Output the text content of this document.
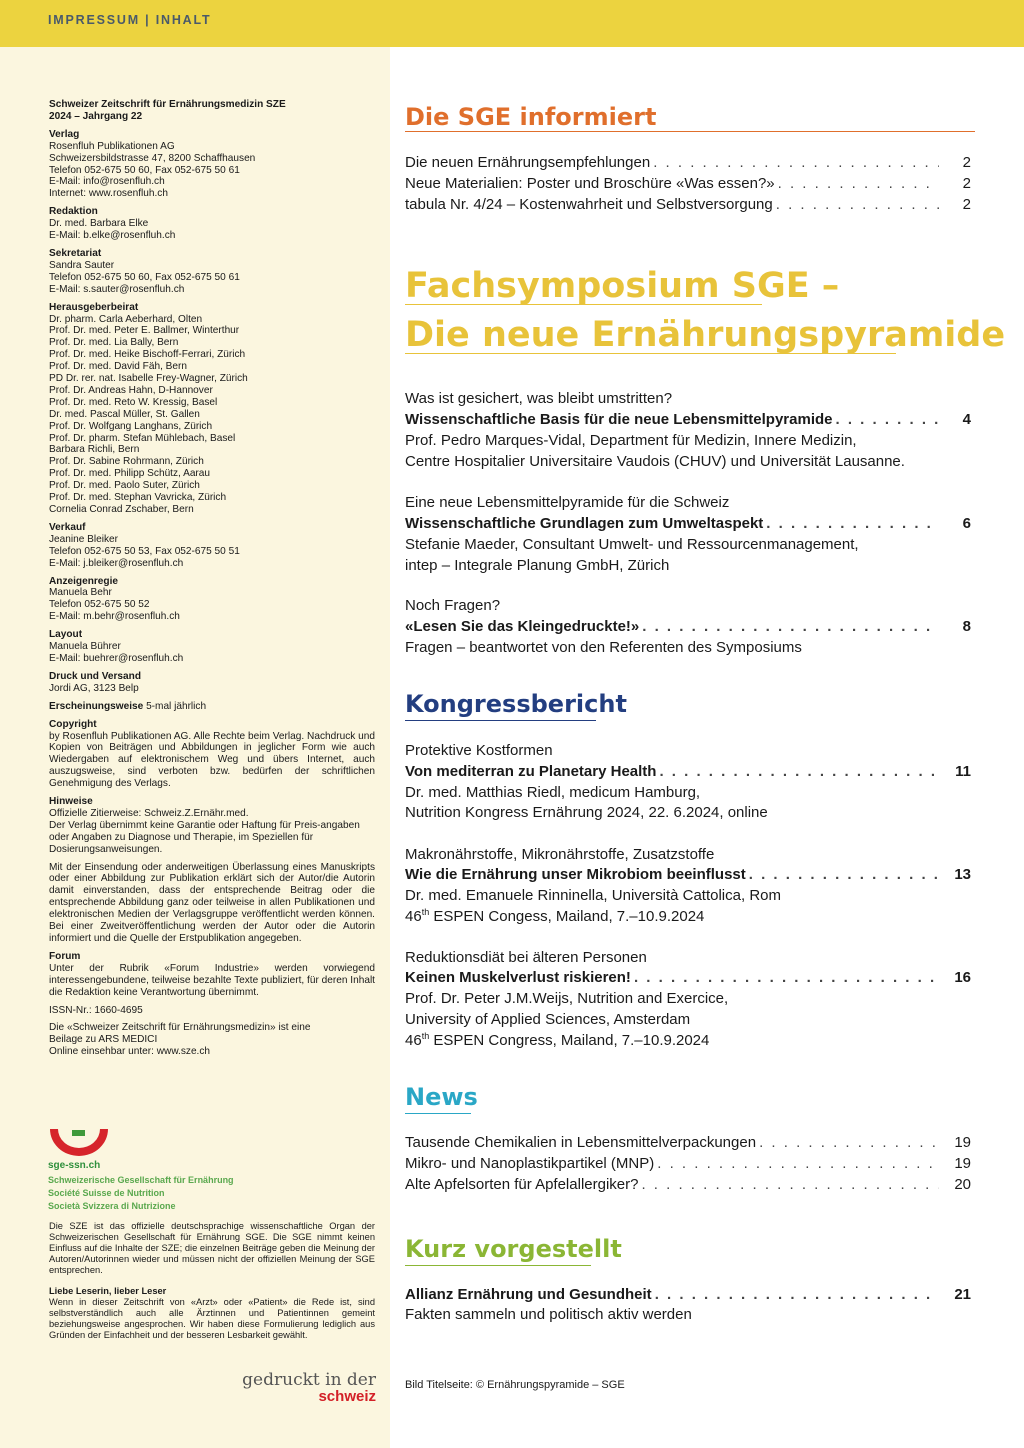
IMPRESSUM | INHALT
Schweizer Zeitschrift für Ernährungsmedizin SZE
2024 – Jahrgang 22
Verlag
Rosenfluh Publikationen AG
Schweizersbildstrasse 47, 8200 Schaffhausen
Telefon 052-675 50 60, Fax 052-675 50 61
E-Mail: info@rosenfluh.ch
Internet: www.rosenfluh.ch
Redaktion
Dr. med. Barbara Elke
E-Mail: b.elke@rosenfluh.ch
Sekretariat
Sandra Sauter
Telefon 052-675 50 60, Fax 052-675 50 61
E-Mail: s.sauter@rosenfluh.ch
Herausgeberbeirat
Dr. pharm. Carla Aeberhard, Olten
Prof. Dr. med. Peter E. Ballmer, Winterthur
Prof. Dr. med. Lia Bally, Bern
Prof. Dr. med. Heike Bischoff-Ferrari, Zürich
Prof. Dr. med. David Fäh, Bern
PD Dr. rer. nat. Isabelle Frey-Wagner, Zürich
Prof. Dr. Andreas Hahn, D-Hannover
Prof. Dr. med. Reto W. Kressig, Basel
Dr. med. Pascal Müller, St. Gallen
Prof. Dr. Wolfgang Langhans, Zürich
Prof. Dr. pharm. Stefan Mühlebach, Basel
Barbara Richli, Bern
Prof. Dr. Sabine Rohrmann, Zürich
Prof. Dr. med. Philipp Schütz, Aarau
Prof. Dr. med. Paolo Suter, Zürich
Prof. Dr. med. Stephan Vavricka, Zürich
Cornelia Conrad Zschaber, Bern
Verkauf
Jeanine Bleiker
Telefon 052-675 50 53, Fax 052-675 50 51
E-Mail: j.bleiker@rosenfluh.ch
Anzeigenregie
Manuela Behr
Telefon 052-675 50 52
E-Mail: m.behr@rosenfluh.ch
Layout
Manuela Bührer
E-Mail: buehrer@rosenfluh.ch
Druck und Versand
Jordi AG, 3123 Belp
Erscheinungsweise 5-mal jährlich
Copyright
by Rosenfluh Publikationen AG. Alle Rechte beim Verlag. Nachdruck und Kopien von Beiträgen und Abbildungen in jeglicher Form wie auch Wiedergaben auf elektronischem Weg und übers Internet, auch auszugsweise, sind verboten bzw. bedürfen der schriftlichen Genehmigung des Verlags.
Hinweise
Offizielle Zitierweise: Schweiz.Z.Ernähr.med.
Der Verlag übernimmt keine Garantie oder Haftung für Preis-angaben oder Angaben zu Diagnose und Therapie, im Speziellen für Dosierungsanweisungen.
Mit der Einsendung oder anderweitigen Überlassung eines Manuskripts oder einer Abbildung zur Publikation erklärt sich der Autor/die Autorin damit einverstanden, dass der entsprechende Beitrag oder die entsprechende Abbildung ganz oder teilweise in allen Publikationen und elektronischen Medien der Verlagsgruppe veröffentlicht werden können. Bei einer Zweitveröffentlichung werden der Autor oder die Autorin informiert und die Quelle der Erstpublikation angegeben.
Forum
Unter der Rubrik «Forum Industrie» werden vorwiegend interessengebundene, teilweise bezahlte Texte publiziert, für deren Inhalt die Redaktion keine Verantwortung übernimmt.
ISSN-Nr.: 1660-4695
Die «Schweizer Zeitschrift für Ernährungsmedizin» ist eine
Beilage zu ARS MEDICI
Online einsehbar unter: www.sze.ch
sge-ssn.ch
Schweizerische Gesellschaft für Ernährung
Société Suisse de Nutrition
Società Svizzera di Nutrizione
Die SZE ist das offizielle deutschsprachige wissenschaftliche Organ der Schweizerischen Gesellschaft für Ernährung SGE. Die SGE nimmt keinen Einfluss auf die Inhalte der SZE; die einzelnen Beiträge geben die Meinung der Autoren/Autorinnen wieder und müssen nicht der offiziellen Meinung der SGE entsprechen.
Liebe Leserin, lieber Leser
Wenn in dieser Zeitschrift von «Arzt» oder «Patient» die Rede ist, sind selbstverständlich auch alle Ärztinnen und Patientinnen gemeint beziehungsweise angesprochen. Wir haben diese Formulierung lediglich aus Gründen der Einfachheit und der besseren Lesbarkeit gewählt.
gedruckt in der
schweiz
Die SGE informiert
Die neuen Ernährungsempfehlungen . . .	2
Neue Materialien: Poster und Broschüre «Was essen?» . . .	2
tabula Nr. 4/24 – Kostenwahrheit und Selbstversorgung . . .	2
Fachsymposium SGE –
Die neue Ernährungspyramide
Was ist gesichert, was bleibt umstritten?
Wissenschaftliche Basis für die neue Lebensmittelpyramide . . .	4
Prof. Pedro Marques-Vidal, Department für Medizin, Innere Medizin,
Centre Hospitalier Universitaire Vaudois (CHUV) und Universität Lausanne.
Eine neue Lebensmittelpyramide für die Schweiz
Wissenschaftliche Grundlagen zum Umweltaspekt . . .	6
Stefanie Maeder, Consultant Umwelt- und Ressourcenmanagement,
intep – Integrale Planung GmbH, Zürich
Noch Fragen?
«Lesen Sie das Kleingedruckte!» . . .	8
Fragen – beantwortet von den Referenten des Symposiums
Kongressbericht
Protektive Kostformen
Von mediterran zu Planetary Health . . .	11
Dr. med. Matthias Riedl, medicum Hamburg,
Nutrition Kongress Ernährung 2024, 22. 6.2024, online
Makronährstoffe, Mikronährstoffe, Zusatzstoffe
Wie die Ernährung unser Mikrobiom beeinflusst . . .	13
Dr. med. Emanuele Rinninella, Università Cattolica, Rom
46th ESPEN Congess, Mailand, 7.–10.9.2024
Reduktionsdiät bei älteren Personen
Keinen Muskelverlust riskieren! . . .	16
Prof. Dr. Peter J.M.Weijs, Nutrition and Exercice,
University of Applied Sciences, Amsterdam
46th ESPEN Congress, Mailand, 7.–10.9.2024
News
Tausende Chemikalien in Lebensmittelverpackungen . . .	19
Mikro- und Nanoplastikpartikel (MNP) . . .	19
Alte Apfelsorten für Apfelallergiker? . . .	20
Kurz vorgestellt
Allianz Ernährung und Gesundheit . . .	21
Fakten sammeln und politisch aktiv werden
Bild Titelseite: © Ernährungspyramide – SGE
